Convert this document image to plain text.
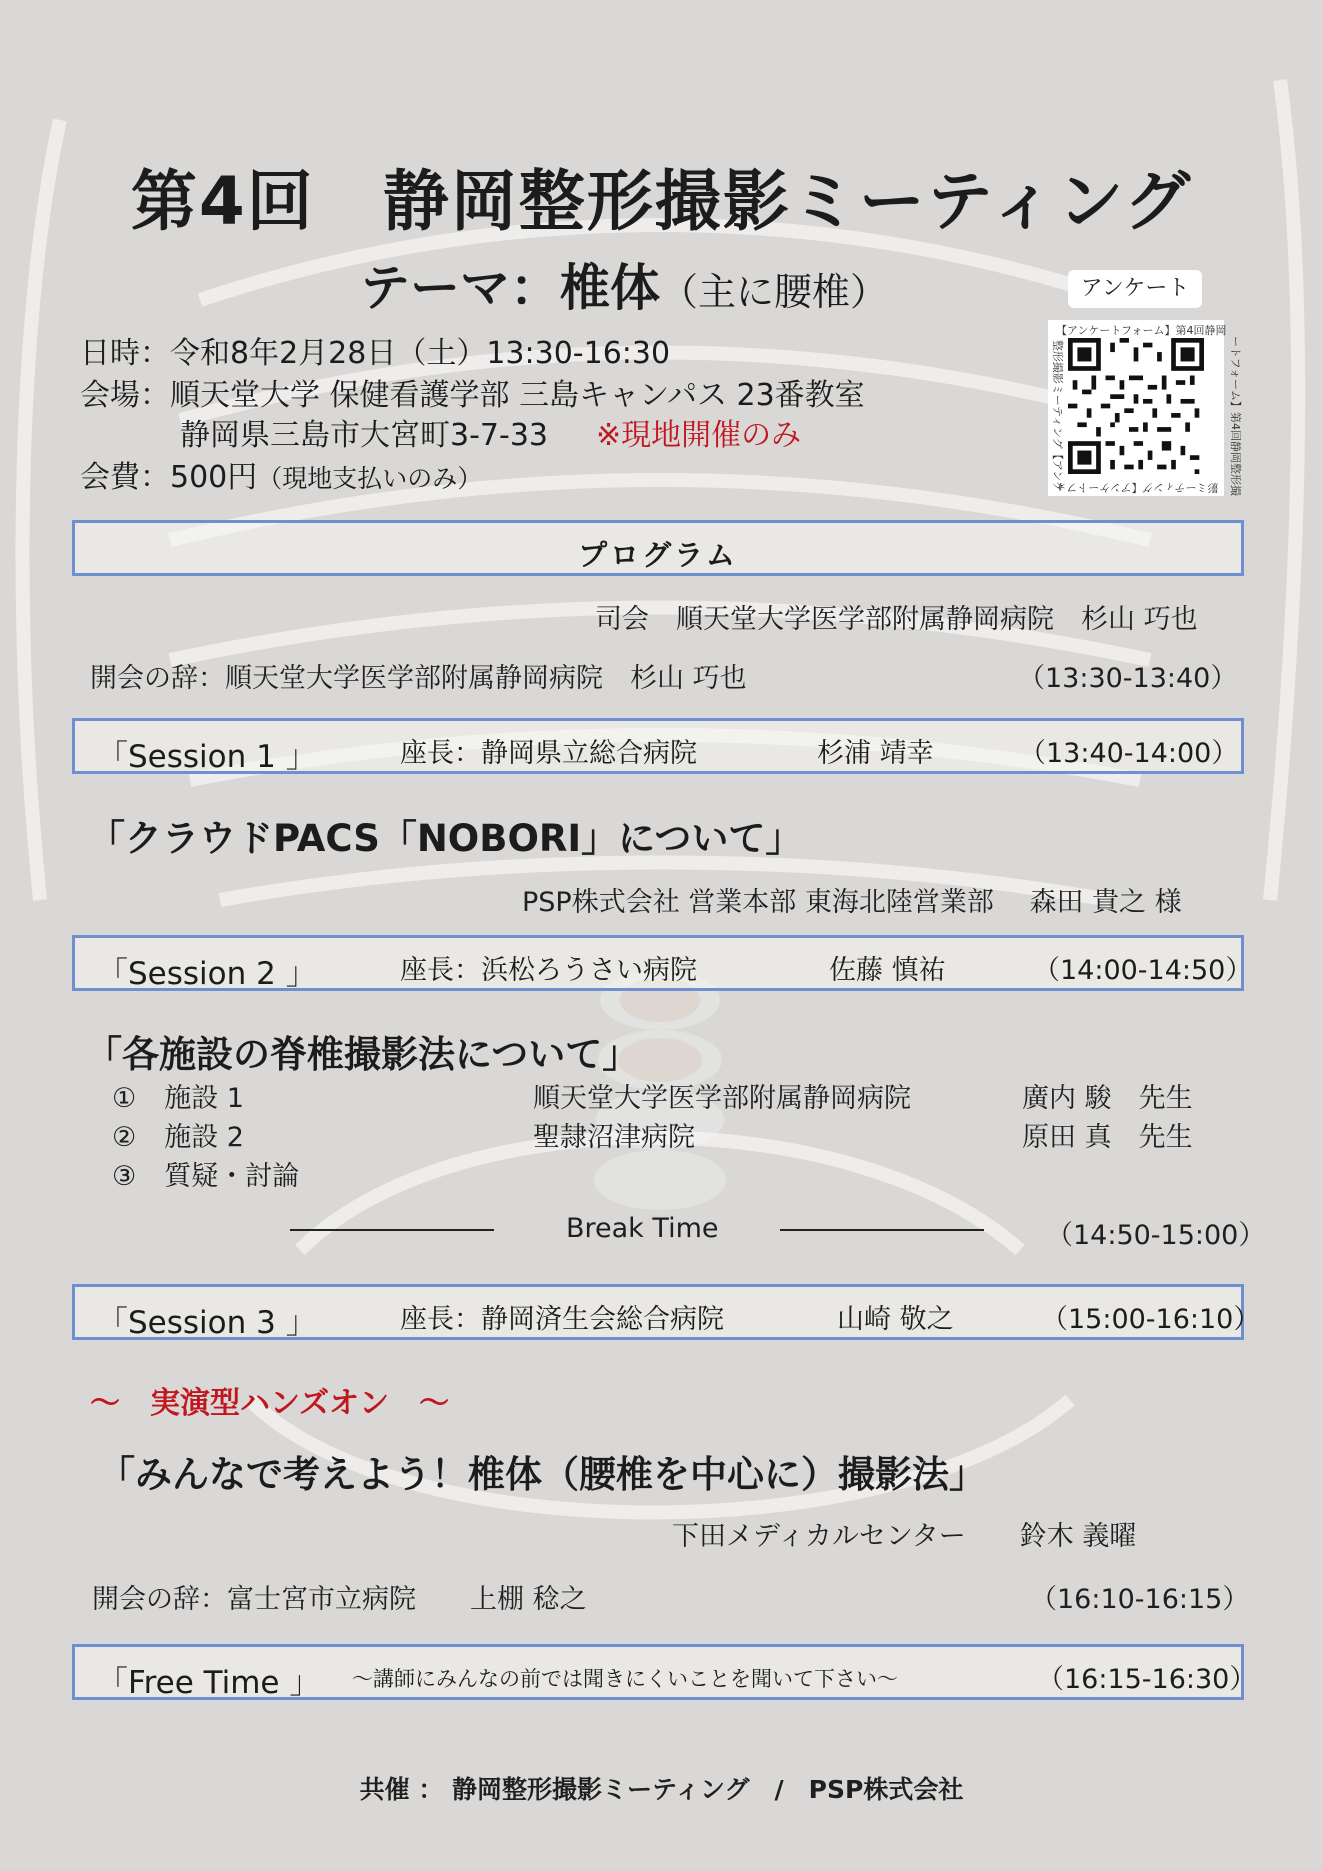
第4回　静岡整形撮影ミーティング
テーマ：椎体（主に腰椎）
日時：令和8年2月28日（土）13:30-16:30
会場：順天堂大学 保健看護学部 三島キャンパス 23番教室
静岡県三島市大宮町3-7-33 ※現地開催のみ
会費：500円（現地支払いのみ）
アンケート
【アンケートフォーム】第4回静岡
整形撮影ミーティング【アンケ	ートフォーム】第4回静岡整形撮
影ミーティング【アンケートフォ
プログラム
司会　順天堂大学医学部附属静岡病院　杉山 巧也
開会の辞：順天堂大学医学部附属静岡病院　杉山 巧也	（13:30-13:40）
「Session 1 」	座長：静岡県立総合病院	杉浦 靖幸	（13:40-14:00）
「クラウドPACS「NOBORI」について」
PSP株式会社 営業本部 東海北陸営業部　 森田 貴之 様
「Session 2 」	座長：浜松ろうさい病院	佐藤 慎祐	（14:00-14:50）
「各施設の脊椎撮影法について」
① 施設 1	順天堂大学医学部附属静岡病院	廣内 駿　先生
② 施設 2	聖隷沼津病院	原田 真　先生
③ 質疑・討論
Break Time	（14:50-15:00）
「Session 3 」	座長：静岡済生会総合病院	山崎 敬之	（15:00-16:10）
～　実演型ハンズオン　～
「みんなで考えよう！椎体（腰椎を中心に）撮影法」
下田メディカルセンター　　鈴木 義曜
開会の辞：富士宮市立病院　　上棚 稔之	（16:10-16:15）
「Free Time 」 ～講師にみんなの前では聞きにくいことを聞いて下さい～	（16:15-16:30）
共催 ： 静岡整形撮影ミーティング　/　PSP株式会社
